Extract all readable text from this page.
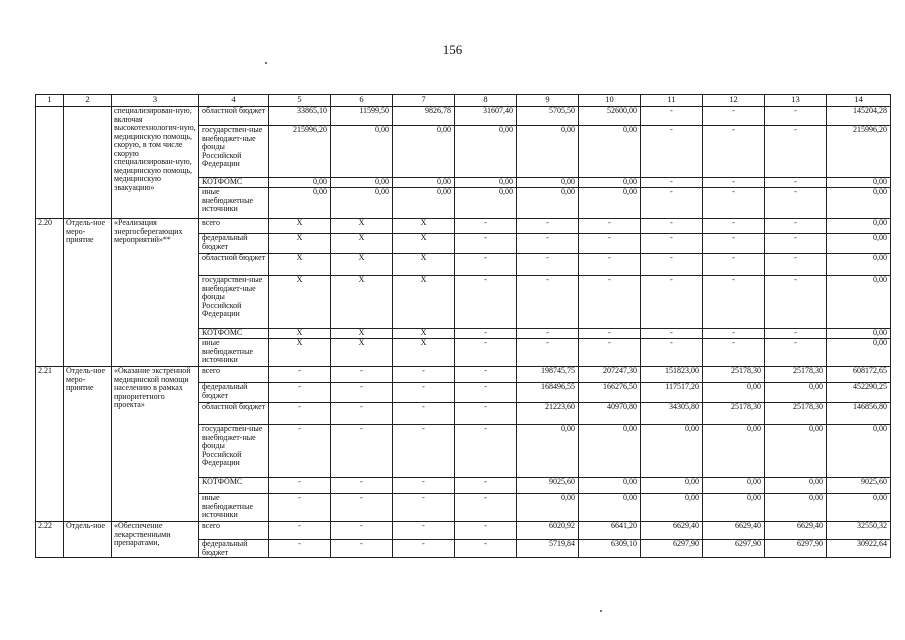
156
1	2	3	4	5	6	7	8	9	10	11	12	13	14
		специализирован-ную, включая высокотехнологич-ную, медицинскую помощь, скорую, в том числе скорую специализирован-ную, медицинскую помощь, медицинскую эвакуацию»	областной бюджет	33865,10	11599,50	9826,78	31607,40	5705,50	52600,00	-	-	-	145204,28
			государствен-ные внебюджет-ные фонды Российской Федерации	215996,20	0,00	0,00	0,00	0,00	0,00	-	-	-	215996,20
			КОТФОМС	0,00	0,00	0,00	0,00	0,00	0,00	-	-	-	0,00
			иные внебюджетные источники	0,00	0,00	0,00	0,00	0,00	0,00	-	-	-	0,00
2.20	Отдель-ное меро-приятие	«Реализация энергосберегающих мероприятий»**	всего	X	X	X	-	-	-	-	-	-	0,00
			федеральный бюджет	X	X	X	-	-	-	-	-	-	0,00
			областной бюджет	X	X	X	-	-	-	-	-	-	0,00
			государствен-ные внебюджет-ные фонды Российской Федерации	X	X	X	-	-	-	-	-	-	0,00
			КОТФОМС	X	X	X	-	-	-	-	-	-	0,00
			иные внебюджетные источники	X	X	X	-	-	-	-	-	-	0,00
2.21	Отдель-ное меро-приятие	«Оказание экстренной медицинской помощи населению в рамках приоритетного проекта»	всего	-	-	-	-	198745,75	207247,30	151823,00	25178,30	25178,30	608172,65
			федеральный бюджет	-	-	-	-	168496,55	166276,50	117517,20	0,00	0,00	452290,25
			областной бюджет	-	-	-	-	21223,60	40970,80	34305,80	25178,30	25178,30	146856,80
			государствен-ные внебюджет-ные фонды Российской Федерации	-	-	-	-	0,00	0,00	0,00	0,00	0,00	0,00
			КОТФОМС	-	-	-	-	9025,60	0,00	0,00	0,00	0,00	9025,60
			иные внебюджетные источники	-	-	-	-	0,00	0,00	0,00	0,00	0,00	0,00
2.22	Отдель-ное	«Обеспечение лекарственными препаратами,	всего	-	-	-	-	6020,92	6641,20	6629,40	6629,40	6629,40	32550,32
			федеральный бюджет	-	-	-	-	5719,84	6309,10	6297,90	6297,90	6297,90	30922,64
